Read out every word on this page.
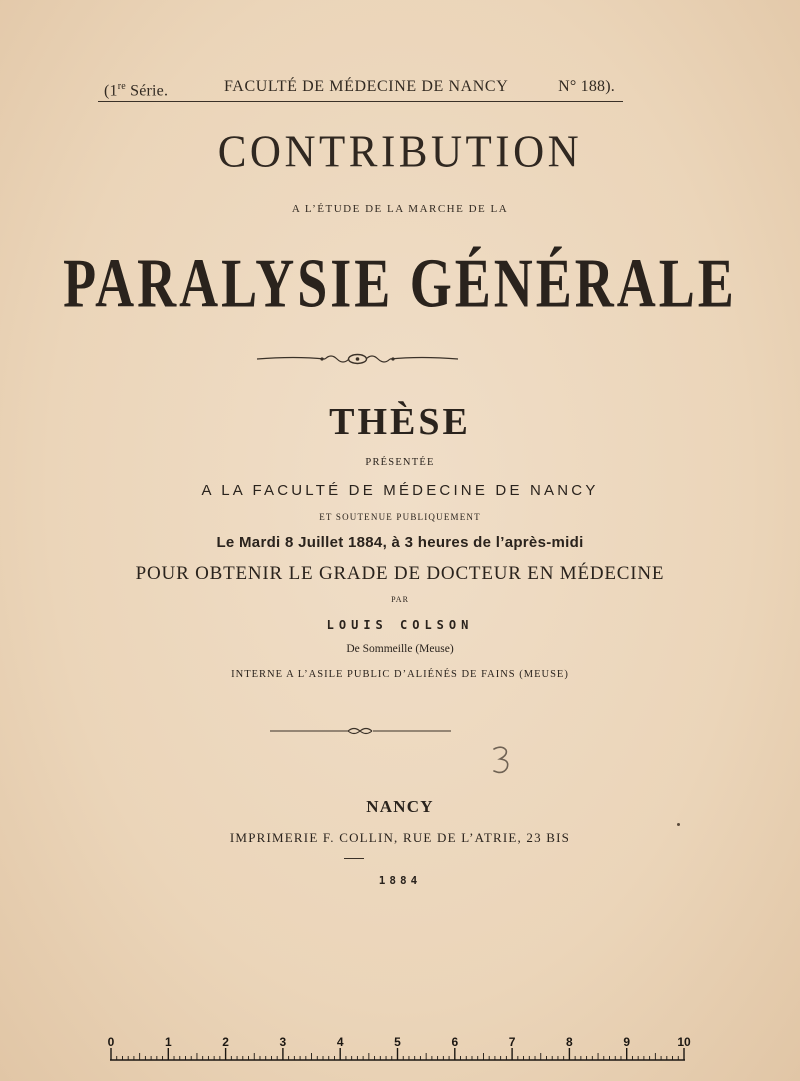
(1re Série.	FACULTÉ DE MÉDECINE DE NANCY	N° 188).
CONTRIBUTION
A L’ÉTUDE DE LA MARCHE DE LA
PARALYSIE GÉNÉRALE
THÈSE
PRÉSENTÉE
A LA FACULTÉ DE MÉDECINE DE NANCY
ET SOUTENUE PUBLIQUEMENT
Le Mardi 8 Juillet 1884, à 3 heures de l’après-midi
POUR OBTENIR LE GRADE DE DOCTEUR EN MÉDECINE
PAR
LOUIS COLSON
De Sommeille (Meuse)
INTERNE A L’ASILE PUBLIC D’ALIÉNÉS DE FAINS (MEUSE)
NANCY
IMPRIMERIE F. COLLIN, RUE DE L’ATRIE, 23 BIS
1884
0	1	2	3	4	5	6	7	8	9	10
